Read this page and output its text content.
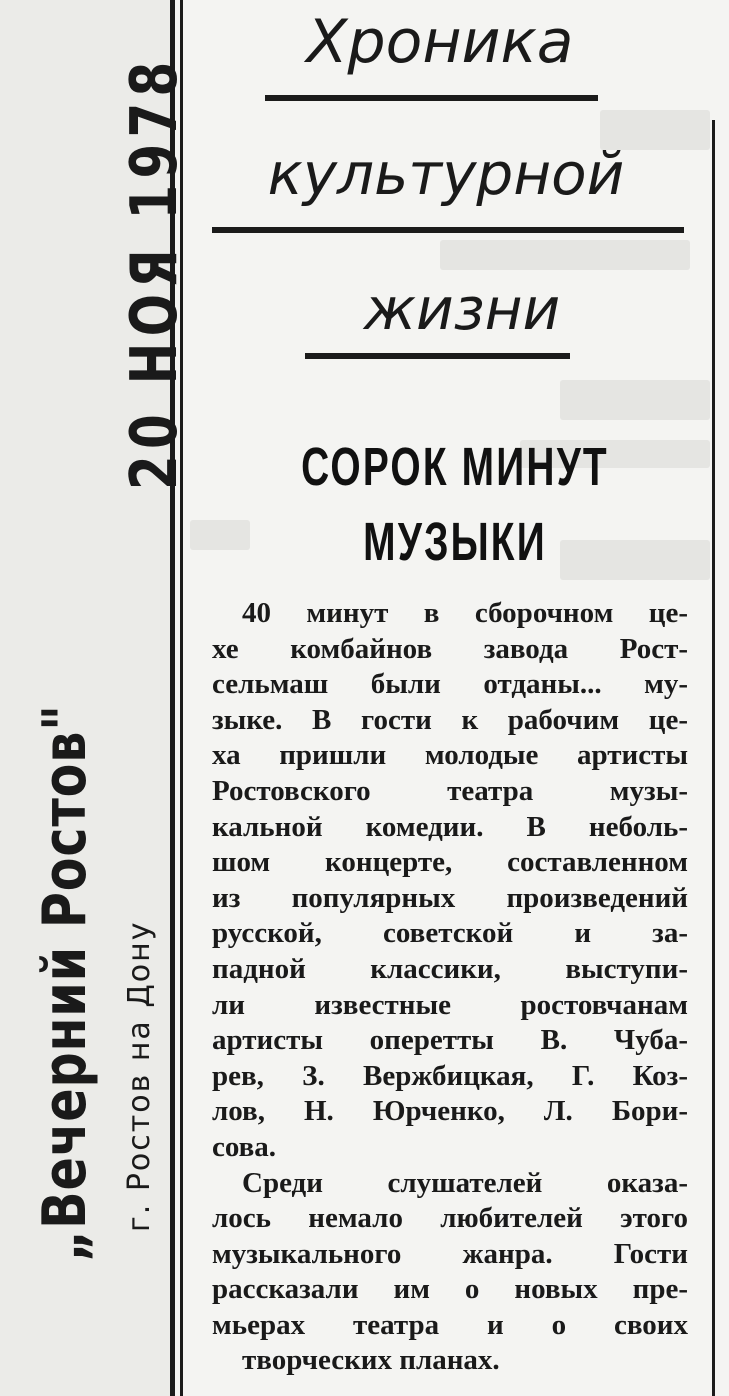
20 НОЯ 1978
„Вечерний Ростов" г. Ростов на Дону
Хроника
культурной
жизни
СОРОК МИНУТ
МУЗЫКИ
40 минут в сборочном це-
хе комбайнов завода Рост-
сельмаш были отданы... му-
зыке. В гости к рабочим це-
ха пришли молодые артисты
Ростовского театра музы-
кальной комедии. В неболь-
шом концерте, составленном
из популярных произведений
русской, советской и за-
падной классики, выступи-
ли известные ростовчанам
артисты оперетты В. Чуба-
рев, З. Вержбицкая, Г. Коз-
лов, Н. Юрченко, Л. Бори-
сова.
Среди слушателей оказа-
лось немало любителей этого
музыкального жанра. Гости
рассказали им о новых пре-
мьерах театра и о своих
творческих планах.
